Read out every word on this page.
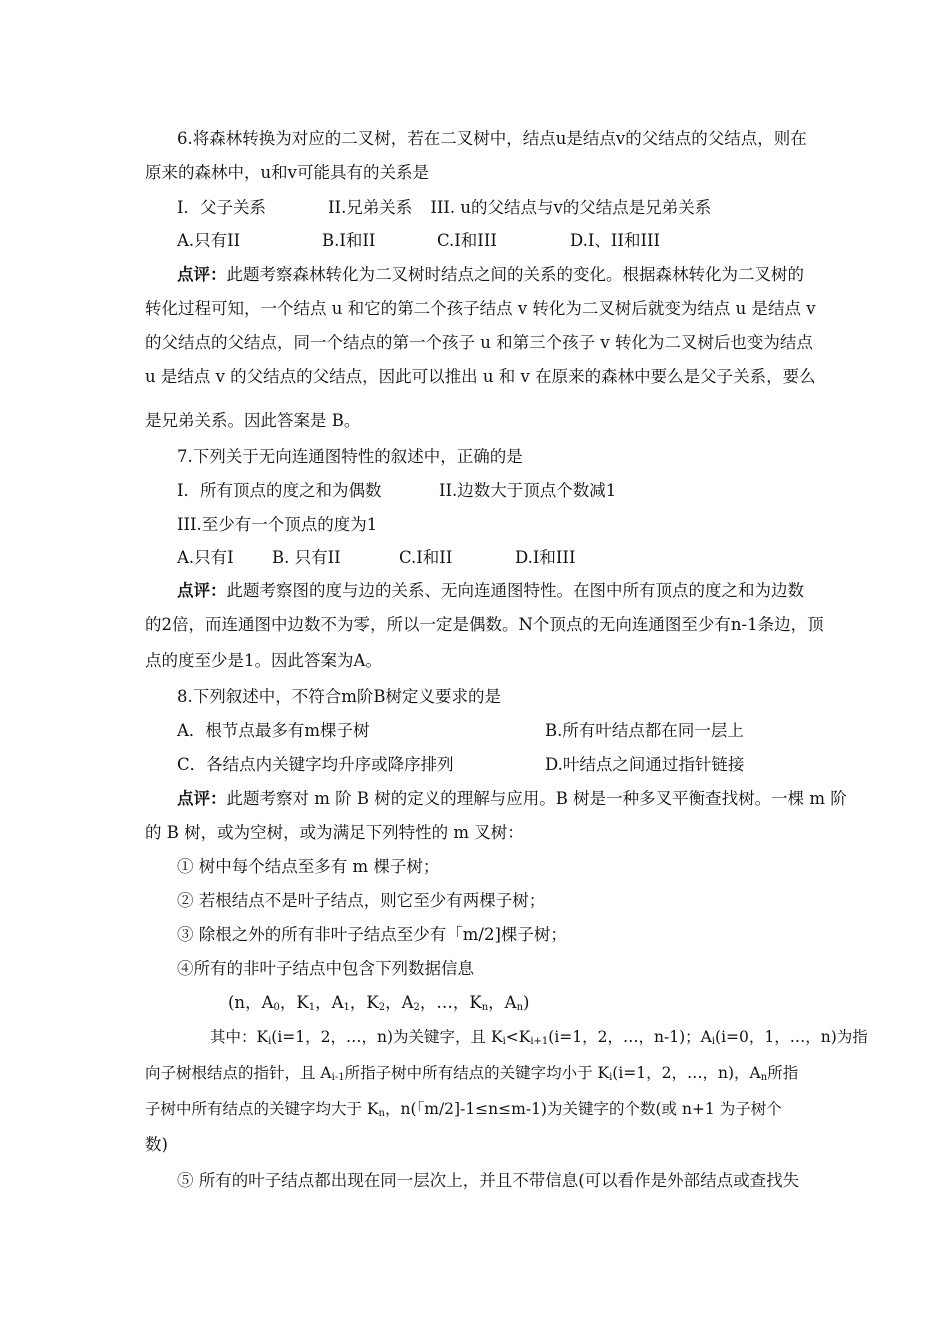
6.将森林转换为对应的二叉树，若在二叉树中，结点u是结点v的父结点的父结点，则在
原来的森林中，u和v可能具有的关系是
I．父子关系	II.兄弟关系 III. u的父结点与v的父结点是兄弟关系
A.只有II	B.I和II	C.I和III	D.I、II和III
点评：此题考察森林转化为二叉树时结点之间的关系的变化。根据森林转化为二叉树的
转化过程可知，一个结点 u 和它的第二个孩子结点 v 转化为二叉树后就变为结点 u 是结点 v
的父结点的父结点，同一个结点的第一个孩子 u 和第三个孩子 v 转化为二叉树后也变为结点
u 是结点 v 的父结点的父结点，因此可以推出 u 和 v 在原来的森林中要么是父子关系，要么
是兄弟关系。因此答案是 B。
7.下列关于无向连通图特性的叙述中，正确的是
I．所有顶点的度之和为偶数	II.边数大于顶点个数减1
III.至少有一个顶点的度为1
A.只有I B. 只有II	C.I和II	D.I和III
点评：此题考察图的度与边的关系、无向连通图特性。在图中所有顶点的度之和为边数
的2倍，而连通图中边数不为零，所以一定是偶数。N个顶点的无向连通图至少有n-1条边，顶
点的度至少是1。因此答案为A。
8.下列叙述中，不符合m阶B树定义要求的是
A．根节点最多有m棵子树	B.所有叶结点都在同一层上
C．各结点内关键字均升序或降序排列	D.叶结点之间通过指针链接
点评：此题考察对 m 阶 B 树的定义的理解与应用。B 树是一种多叉平衡查找树。一棵 m 阶
的 B 树，或为空树，或为满足下列特性的 m 叉树：
① 树中每个结点至多有 m 棵子树；
② 若根结点不是叶子结点，则它至少有两棵子树；
③ 除根之外的所有非叶子结点至少有「m/2]棵子树；
④所有的非叶子结点中包含下列数据信息
(n，$A_0$，$K_1$，$A_1$，$K_2$，$A_2$，…，$K_n$，$A_n$)
其中：$K_i(i=1$，2，…，n)为关键字，且 $K_i<K_{i+1}(i=1$，2，…，n-1)；$A_i(i=0$，1，…，n)为指
向子树根结点的指针，且 $A_{i-1}$所指子树中所有结点的关键字均小于 $K_i(i=1$，2，…，n)，$A_n$所指
子树中所有结点的关键字均大于 $K_n$，n(「m/2]-1≤n≤m-1)为关键字的个数(或 n+1 为子树个
数)
⑤ 所有的叶子结点都出现在同一层次上，并且不带信息(可以看作是外部结点或查找失
